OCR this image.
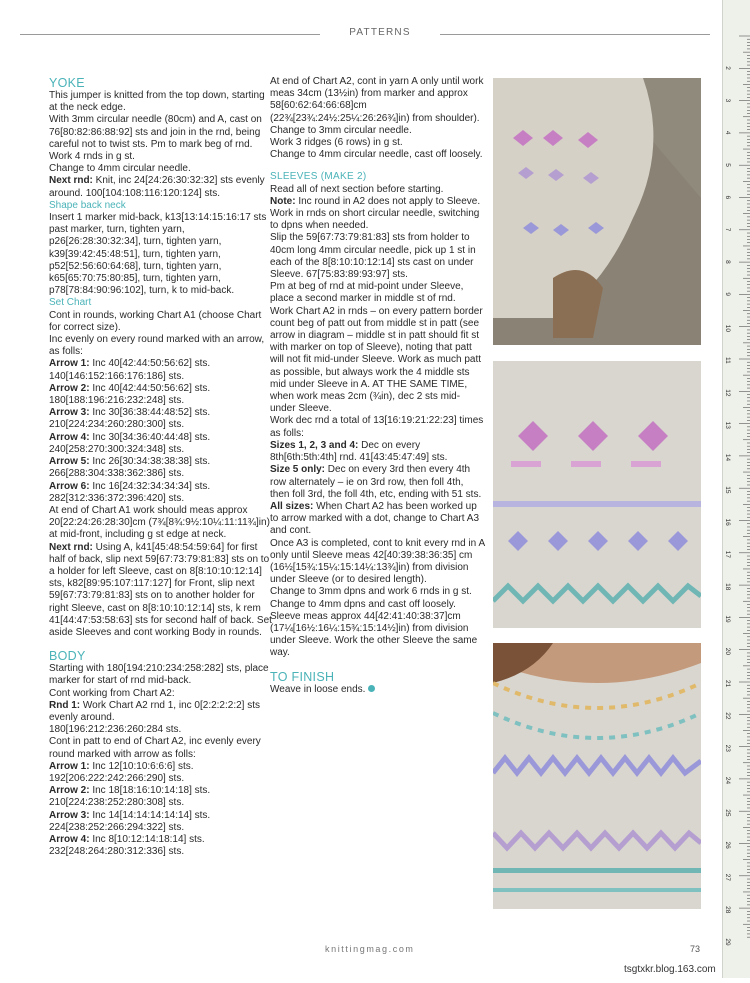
PATTERNS

YOKE

This jumper is knitted from the top down, starting at the neck edge.

With 3mm circular needle (80cm) and A, cast on 76[80:82:86:88:92] sts and join in the rnd, being careful not to twist sts. Pm to mark beg of rnd.

Work 4 rnds in g st.

Change to 4mm circular needle.

Next rnd: Knit, inc 24[24:26:30:32:32] sts evenly around. 100[104:108:116:120:124] sts.

Shape back neck

Insert 1 marker mid-back, k13[13:14:15:16:17 sts past marker, turn, tighten yarn, p26[26:28:30:32:34], turn, tighten yarn, k39[39:42:45:48:51], turn, tighten yarn, p52[52:56:60:64:68], turn, tighten yarn, k65[65:70:75:80:85], turn, tighten yarn, p78[78:84:90:96:102], turn, k to mid-back.

Set Chart

Cont in rounds, working Chart A1 (choose Chart for correct size).

Inc evenly on every round marked with an arrow, as folls:

Arrow 1: Inc 40[42:44:50:56:62] sts. 140[146:152:166:176:186] sts.

Arrow 2: Inc 40[42:44:50:56:62] sts. 180[188:196:216:232:248] sts.

Arrow 3: Inc 30[36:38:44:48:52] sts. 210[224:234:260:280:300] sts.

Arrow 4: Inc 30[34:36:40:44:48] sts. 240[258:270:300:324:348] sts.

Arrow 5: Inc 26[30:34:38:38:38] sts. 266[288:304:338:362:386] sts.

Arrow 6: Inc 16[24:32:34:34:34] sts. 282[312:336:372:396:420] sts.

At end of Chart A1 work should meas approx 20[22:24:26:28:30]cm (7¾[8¾:9½:10¼:11:11¾]in) at mid-front, including g st edge at neck.

Next rnd: Using A, k41[45:48:54:59:64] for first half of back, slip next 59[67:73:79:81:83] sts on to a holder for left Sleeve, cast on 8[8:10:10:12:14] sts, k82[89:95:107:117:127] for Front, slip next 59[67:73:79:81:83] sts on to another holder for right Sleeve, cast on 8[8:10:10:12:14] sts, k rem 41[44:47:53:58:63] sts for second half of back. Set aside Sleeves and cont working Body in rounds.

BODY

Starting with 180[194:210:234:258:282] sts, place marker for start of rnd mid-back.

Cont working from Chart A2:

Rnd 1: Work Chart A2 rnd 1, inc 0[2:2:2:2:2] sts evenly around.

180[196:212:236:260:284 sts.

Cont in patt to end of Chart A2, inc evenly every round marked with arrow as folls:

Arrow 1: Inc 12[10:10:6:6:6] sts. 192[206:222:242:266:290] sts.

Arrow 2: Inc 18[18:16:10:14:18] sts. 210[224:238:252:280:308] sts.

Arrow 3: Inc 14[14:14:14:14:14] sts. 224[238:252:266:294:322] sts.

Arrow 4: Inc 8[10:12:14:18:14] sts. 232[248:264:280:312:336] sts.

At end of Chart A2, cont in yarn A only until work meas 34cm (13½in) from marker and approx 58[60:62:64:66:68]cm (22¾[23¾:24½:25¼:26:26¾]in) from shoulder).

Change to 3mm circular needle.

Work 3 ridges (6 rows) in g st.

Change to 4mm circular needle, cast off loosely.

SLEEVES (MAKE 2)

Read all of next section before starting.

Note: Inc round in A2 does not apply to Sleeve.

Work in rnds on short circular needle, switching to dpns when needed.

Slip the 59[67:73:79:81:83] sts from holder to 40cm long 4mm circular needle, pick up 1 st in each of the 8[8:10:10:12:14] sts cast on under Sleeve. 67[75:83:89:93:97] sts.

Pm at beg of rnd at mid-point under Sleeve, place a second marker in middle st of rnd.

Work Chart A2 in rnds – on every pattern border count beg of patt out from middle st in patt (see arrow in diagram – middle st in patt should fit st with marker on top of Sleeve), noting that patt will not fit mid-under Sleeve. Work as much patt as possible, but always work the 4 middle sts mid under Sleeve in A. AT THE SAME TIME, when work meas 2cm (¾in), dec 2 sts mid-under Sleeve.

Work dec rnd a total of 13[16:19:21:22:23] times as folls:

Sizes 1, 2, 3 and 4: Dec on every 8th[6th:5th:4th] rnd. 41[43:45:47:49] sts.

Size 5 only: Dec on every 3rd then every 4th row alternately – ie on 3rd row, then foll 4th, then foll 3rd, the foll 4th, etc, ending with 51 sts.

All sizes: When Chart A2 has been worked up to arrow marked with a dot, change to Chart A3 and cont.

Once A3 is completed, cont to knit every rnd in A only until Sleeve meas 42[40:39:38:36:35] cm (16½[15¾:15¼:15:14¼:13¾]in) from division under Sleeve (or to desired length).

Change to 3mm dpns and work 6 rnds in g st.

Change to 4mm dpns and cast off loosely. Sleeve meas approx 44[42:41:40:38:37]cm (17¼[16½:16¼:15¾:15:14½]in) from division under Sleeve. Work the other Sleeve the same way.

TO FINISH

Weave in loose ends.

knittingmag.com	73
tsgtxkr.blog.163.com
2
3
4
5
6
7
8
9
10
11
12
13
14
15
16
17
18
19
20
21
22
23
24
25
26
27
28
29
